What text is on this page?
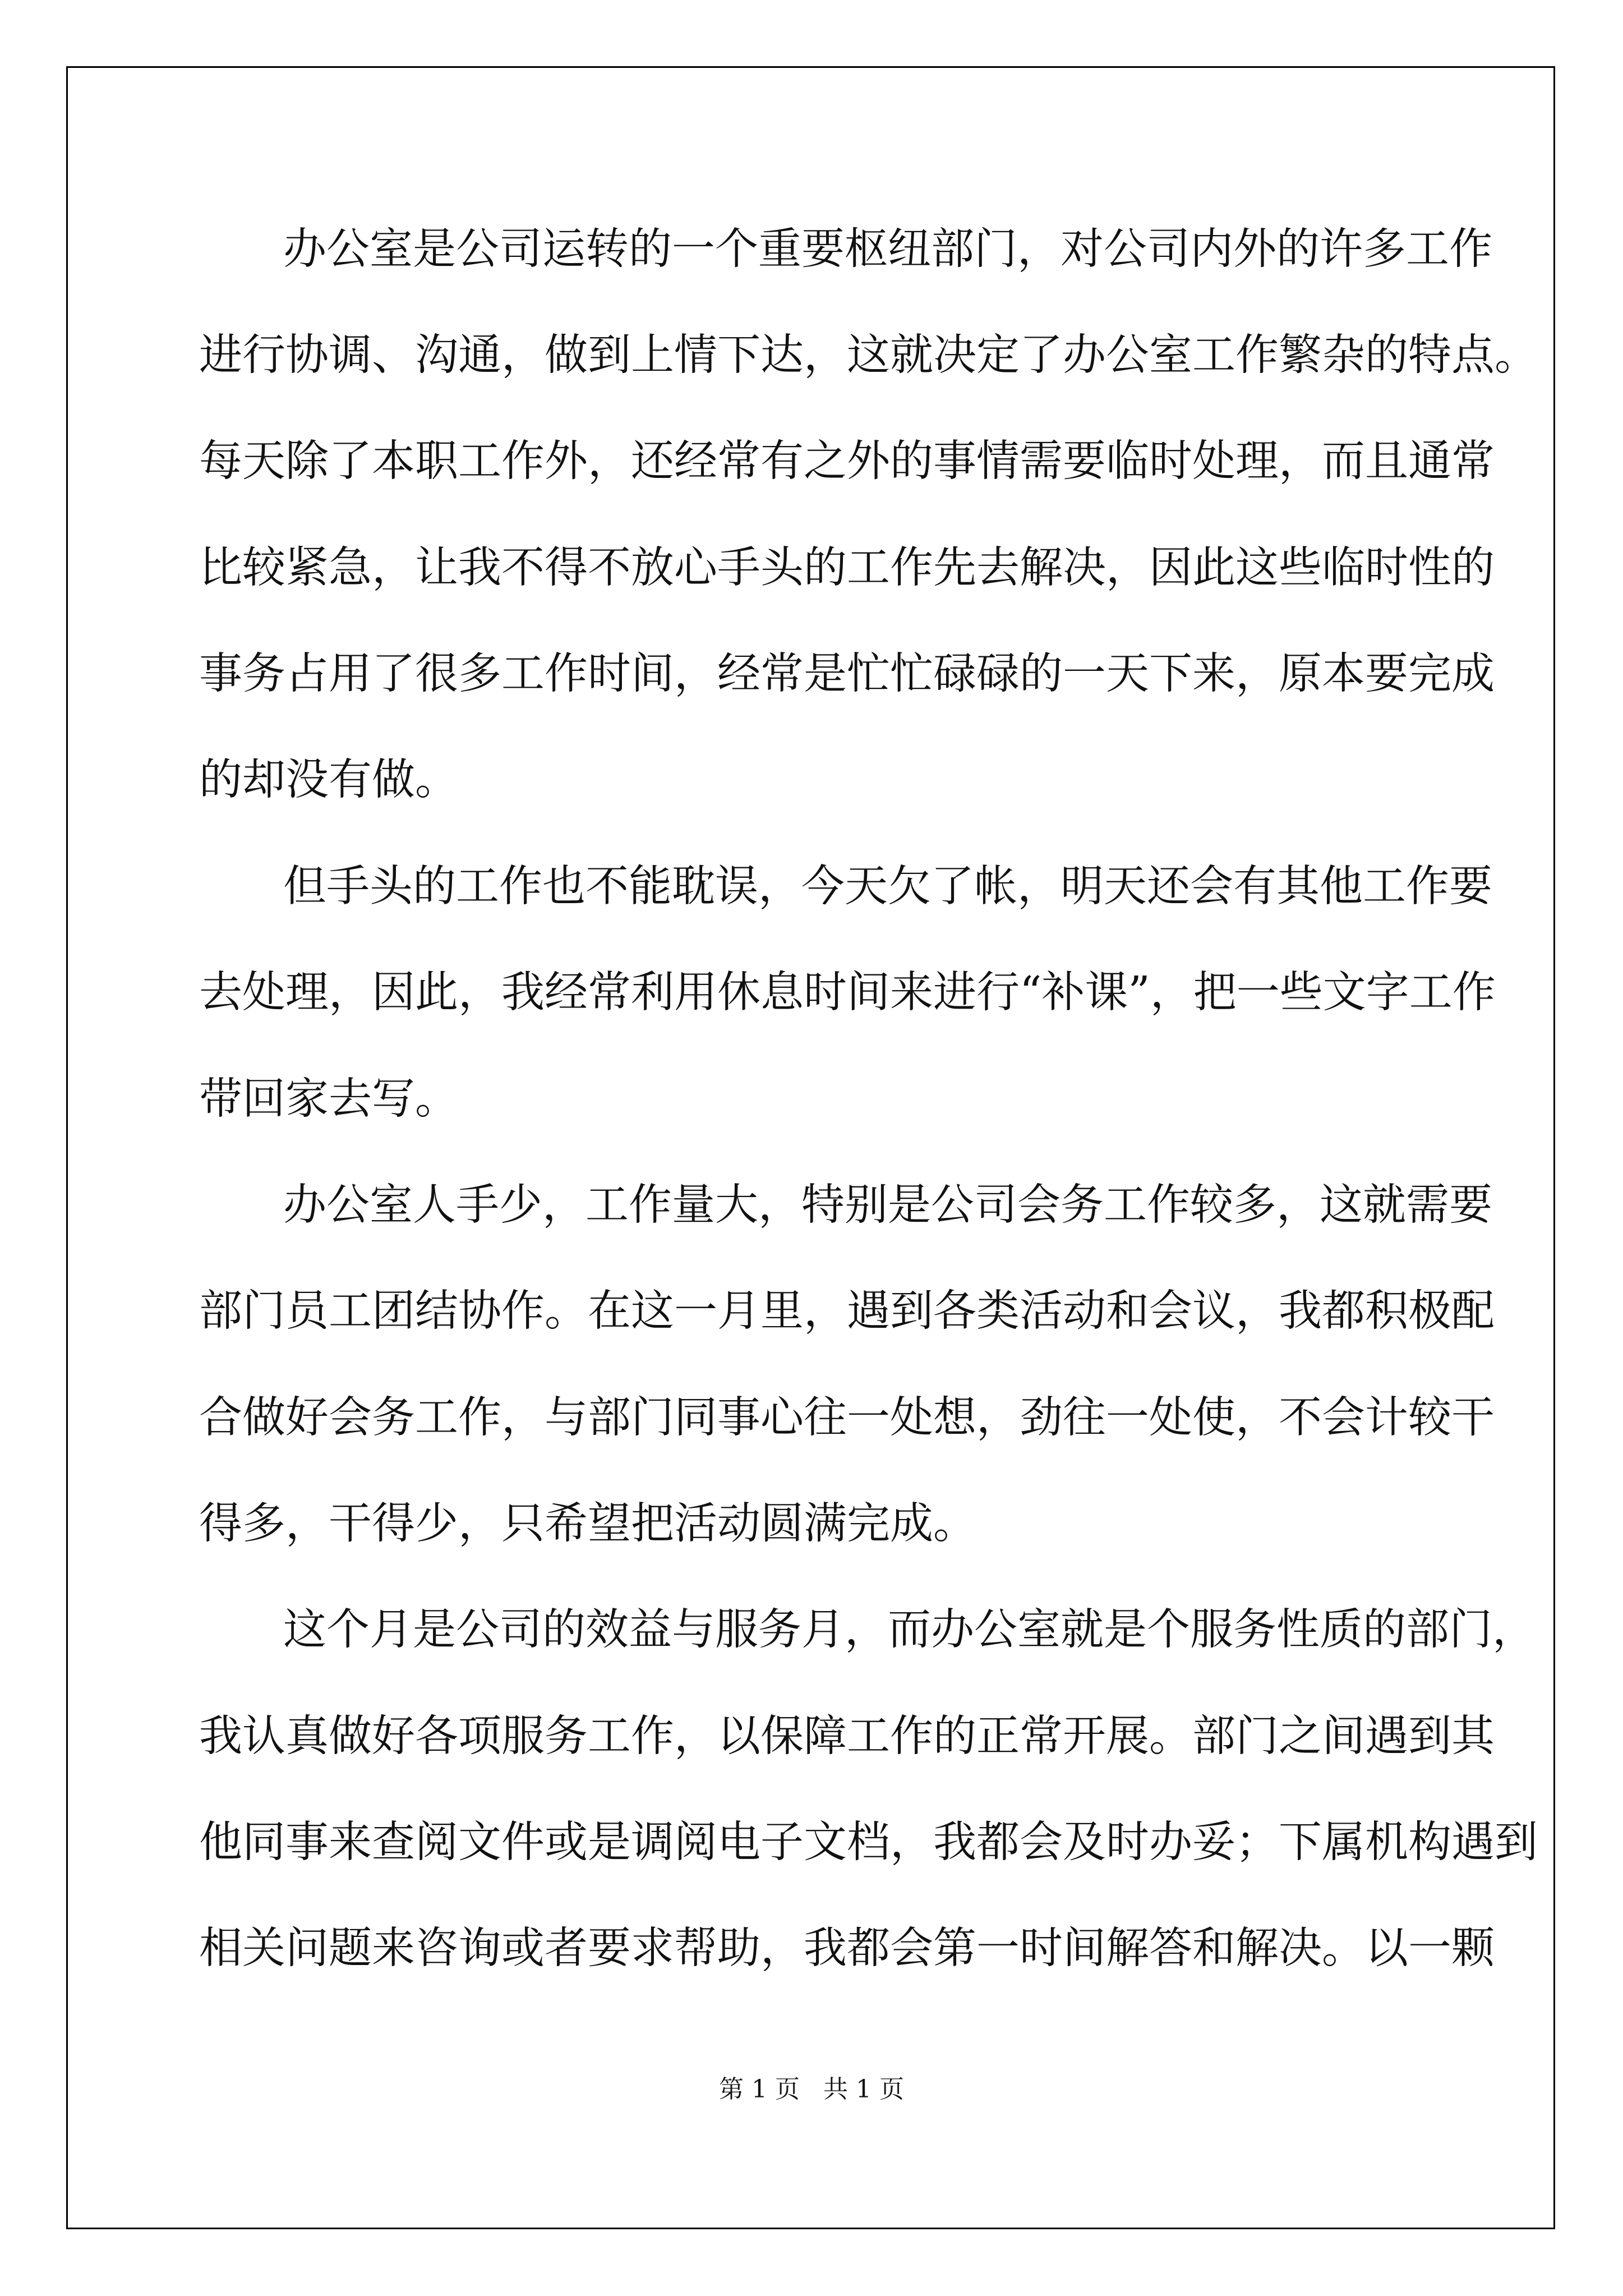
办公室是公司运转的一个重要枢纽部门，对公司内外的许多工作

进行协调、沟通，做到上情下达，这就决定了办公室工作繁杂的特点。

每天除了本职工作外，还经常有之外的事情需要临时处理，而且通常

比较紧急，让我不得不放心手头的工作先去解决，因此这些临时性的

事务占用了很多工作时间，经常是忙忙碌碌的一天下来，原本要完成

的却没有做。

但手头的工作也不能耽误，今天欠了帐，明天还会有其他工作要

去处理，因此，我经常利用休息时间来进行“补课”，把一些文字工作

带回家去写。

办公室人手少，工作量大，特别是公司会务工作较多，这就需要

部门员工团结协作。在这一月里，遇到各类活动和会议，我都积极配

合做好会务工作，与部门同事心往一处想，劲往一处使，不会计较干

得多，干得少，只希望把活动圆满完成。

这个月是公司的效益与服务月，而办公室就是个服务性质的部门，

我认真做好各项服务工作，以保障工作的正常开展。部门之间遇到其

他同事来查阅文件或是调阅电子文档，我都会及时办妥；下属机构遇到

相关问题来咨询或者要求帮助，我都会第一时间解答和解决。以一颗

第 1 页 共 1 页
